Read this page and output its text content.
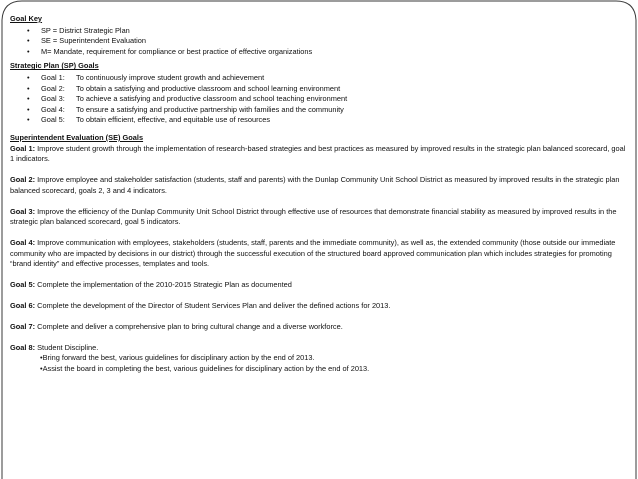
Goal Key

• SP = District Strategic Plan
• SE = Superintendent Evaluation
• M= Mandate, requirement for compliance or best practice of effective organizations

Strategic Plan (SP) Goals

• Goal 1: To continuously improve student growth and achievement
• Goal 2: To obtain a satisfying and productive classroom and school learning environment
• Goal 3: To achieve a satisfying and productive classroom and school teaching environment
• Goal 4: To ensure a satisfying and productive partnership with families and the community
• Goal 5: To obtain efficient, effective, and equitable use of resources

Superintendent Evaluation (SE) Goals

Goal 1: Improve student growth through the implementation of research-based strategies and best practices as measured by improved results in the strategic plan balanced scorecard, goal 1 indicators.

Goal 2: Improve employee and stakeholder satisfaction (students, staff and parents) with the Dunlap Community Unit School District as measured by improved results in the strategic plan balanced scorecard, goals 2, 3 and 4 indicators.

Goal 3: Improve the efficiency of the Dunlap Community Unit School District through effective use of resources that demonstrate financial stability as measured by improved results in the strategic plan balanced scorecard, goal 5 indicators.

Goal 4: Improve communication with employees, stakeholders (students, staff, parents and the immediate community), as well as, the extended community (those outside our immediate community who are impacted by decisions in our district) through the successful execution of the structured board approved communication plan which includes strategies for promoting “brand identity” and effective processes, templates and tools.

Goal 5: Complete the implementation of the 2010-2015 Strategic Plan as documented

Goal 6: Complete the development of the Director of Student Services Plan and deliver the defined actions for 2013.

Goal 7: Complete and deliver a comprehensive plan to bring cultural change and a diverse workforce.

Goal 8: Student Discipline.
•Bring forward the best, various guidelines for disciplinary action by the end of 2013.
•Assist the board in completing the best, various guidelines for disciplinary action by the end of 2013.
